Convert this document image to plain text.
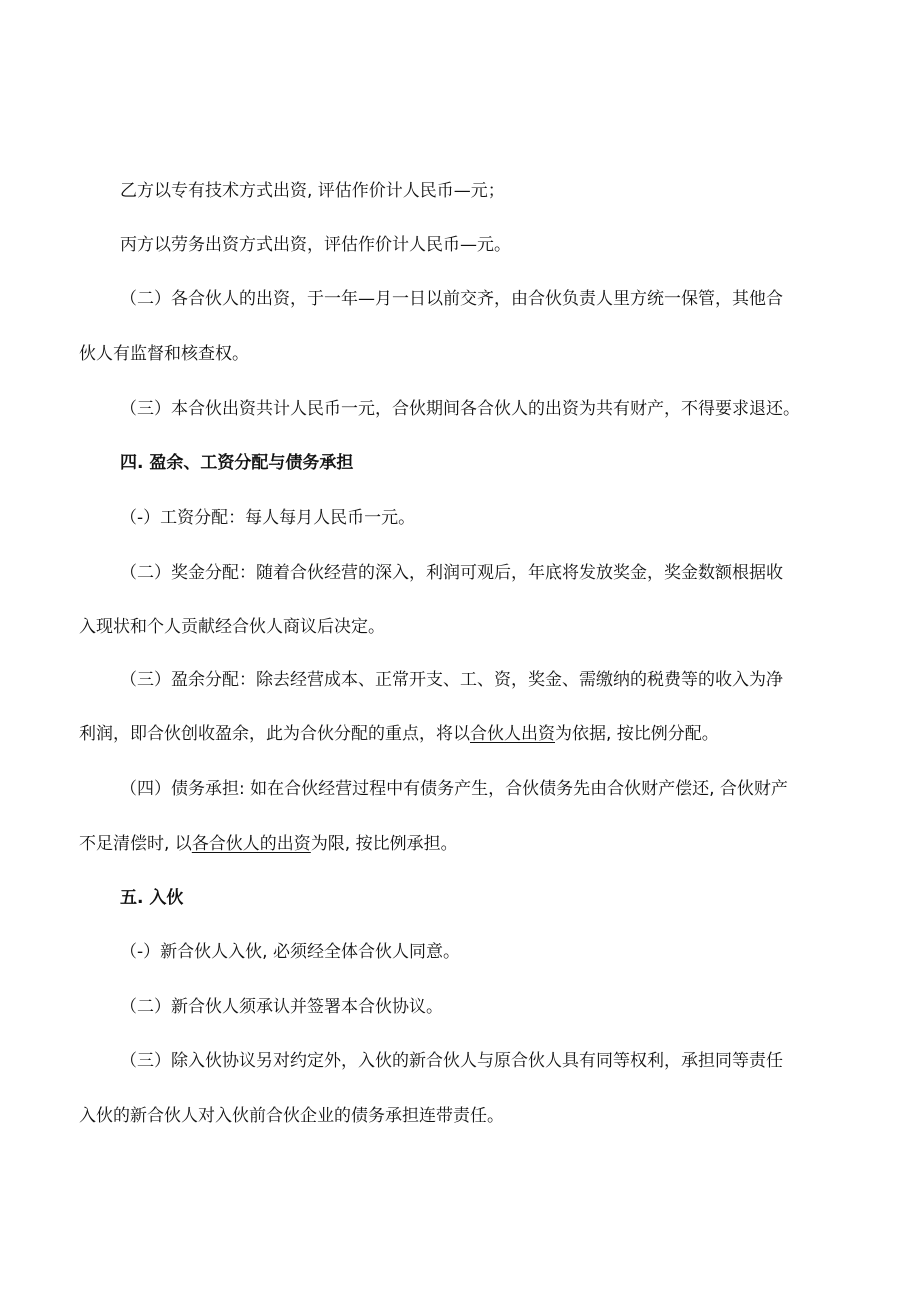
乙方以专有技术方式出资, 评估作价计人民币—元；
丙方以劳务出资方式出资，评估作价计人民币—元。
（二）各合伙人的出资，于一年—月一日以前交齐，由合伙负责人里方统一保管，其他合
伙人有监督和核查权。
（三）本合伙出资共计人民币一元，合伙期间各合伙人的出资为共有财产，不得要求退还。
四. 盈余、工资分配与债务承担
（-）工资分配：每人每月人民币一元。
（二）奖金分配：随着合伙经营的深入，利润可观后，年底将发放奖金，奖金数额根据收
入现状和个人贡献经合伙人商议后决定。
（三）盈余分配：除去经营成本、正常开支、工、资，奖金、需缴纳的税费等的收入为净
利润，即合伙创收盈余，此为合伙分配的重点，将以合伙人出资为依据, 按比例分配。
（四）债务承担: 如在合伙经营过程中有债务产生，合伙债务先由合伙财产偿还, 合伙财产
不足清偿时, 以各合伙人的出资为限, 按比例承担。
五. 入伙
（-）新合伙人入伙, 必须经全体合伙人同意。
（二）新合伙人须承认并签署本合伙协议。
（三）除入伙协议另对约定外，入伙的新合伙人与原合伙人具有同等权利，承担同等责任
入伙的新合伙人对入伙前合伙企业的债务承担连带责任。
